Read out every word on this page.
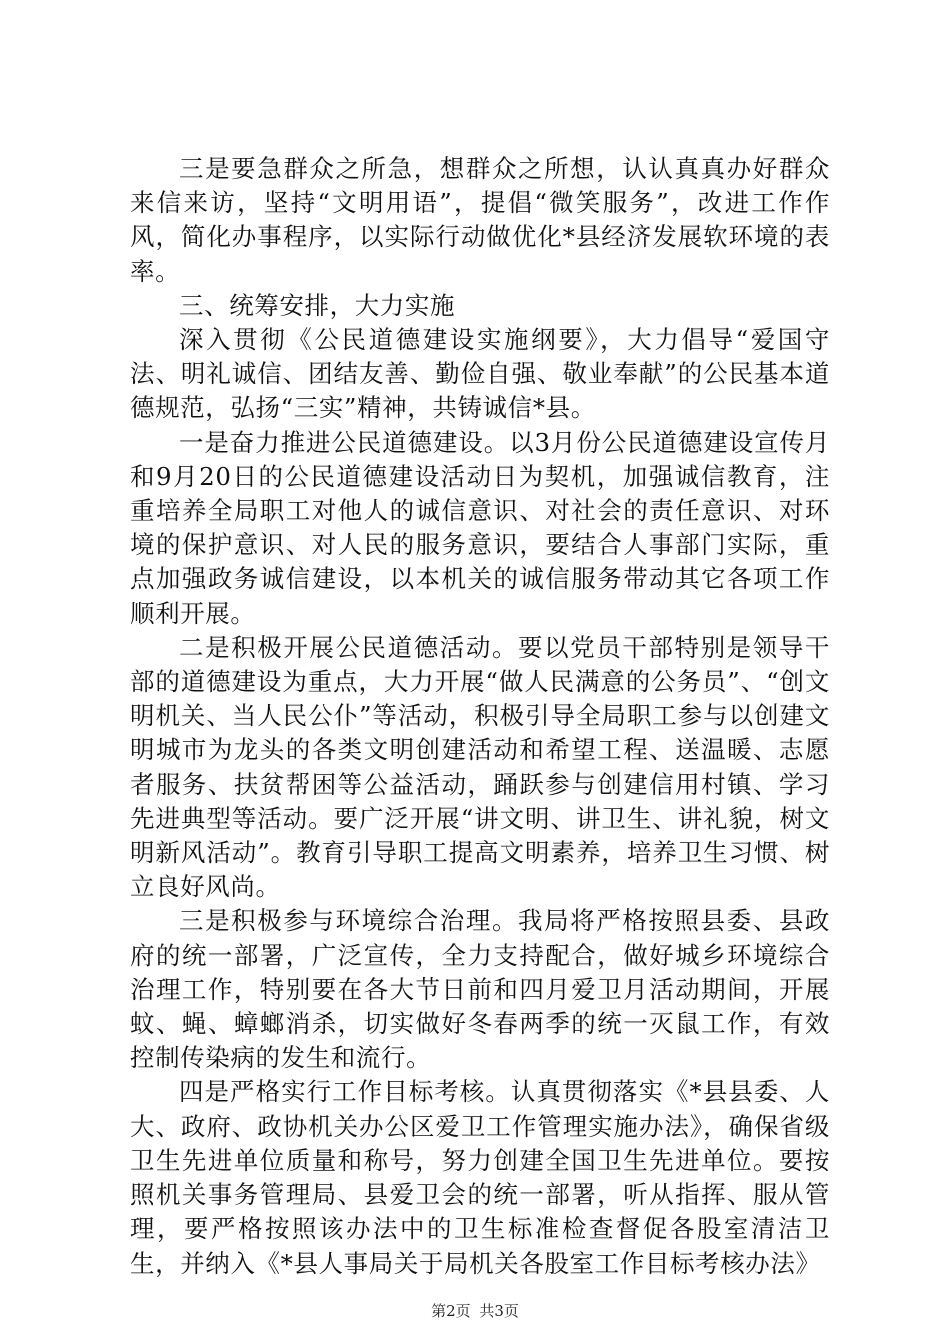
三是要急群众之所急，想群众之所想，认认真真办好群众来信来访，坚持“文明用语”，提倡“微笑服务”，改进工作作风，简化办事程序，以实际行动做优化*县经济发展软环境的表率。

三、统筹安排，大力实施

深入贯彻《公民道德建设实施纲要》，大力倡导“爱国守法、明礼诚信、团结友善、勤俭自强、敬业奉献”的公民基本道德规范，弘扬“三实”精神，共铸诚信*县。

一是奋力推进公民道德建设。以3月份公民道德建设宣传月和9月20日的公民道德建设活动日为契机，加强诚信教育，注重培养全局职工对他人的诚信意识、对社会的责任意识、对环境的保护意识、对人民的服务意识，要结合人事部门实际，重点加强政务诚信建设，以本机关的诚信服务带动其它各项工作顺利开展。

二是积极开展公民道德活动。要以党员干部特别是领导干部的道德建设为重点，大力开展“做人民满意的公务员”、“创文明机关、当人民公仆”等活动，积极引导全局职工参与以创建文明城市为龙头的各类文明创建活动和希望工程、送温暖、志愿者服务、扶贫帮困等公益活动，踊跃参与创建信用村镇、学习先进典型等活动。要广泛开展“讲文明、讲卫生、讲礼貌，树文明新风活动”。教育引导职工提高文明素养，培养卫生习惯、树立良好风尚。

三是积极参与环境综合治理。我局将严格按照县委、县政府的统一部署，广泛宣传，全力支持配合，做好城乡环境综合治理工作，特别要在各大节日前和四月爱卫月活动期间，开展蚊、蝇、蟑螂消杀，切实做好冬春两季的统一灭鼠工作，有效控制传染病的发生和流行。

四是严格实行工作目标考核。认真贯彻落实《*县县委、人大、政府、政协机关办公区爱卫工作管理实施办法》，确保省级卫生先进单位质量和称号，努力创建全国卫生先进单位。要按照机关事务管理局、县爱卫会的统一部署，听从指挥、服从管理，要严格按照该办法中的卫生标准检查督促各股室清洁卫生，并纳入《*县人事局关于局机关各股室工作目标考核办法》

第2页 共3页
